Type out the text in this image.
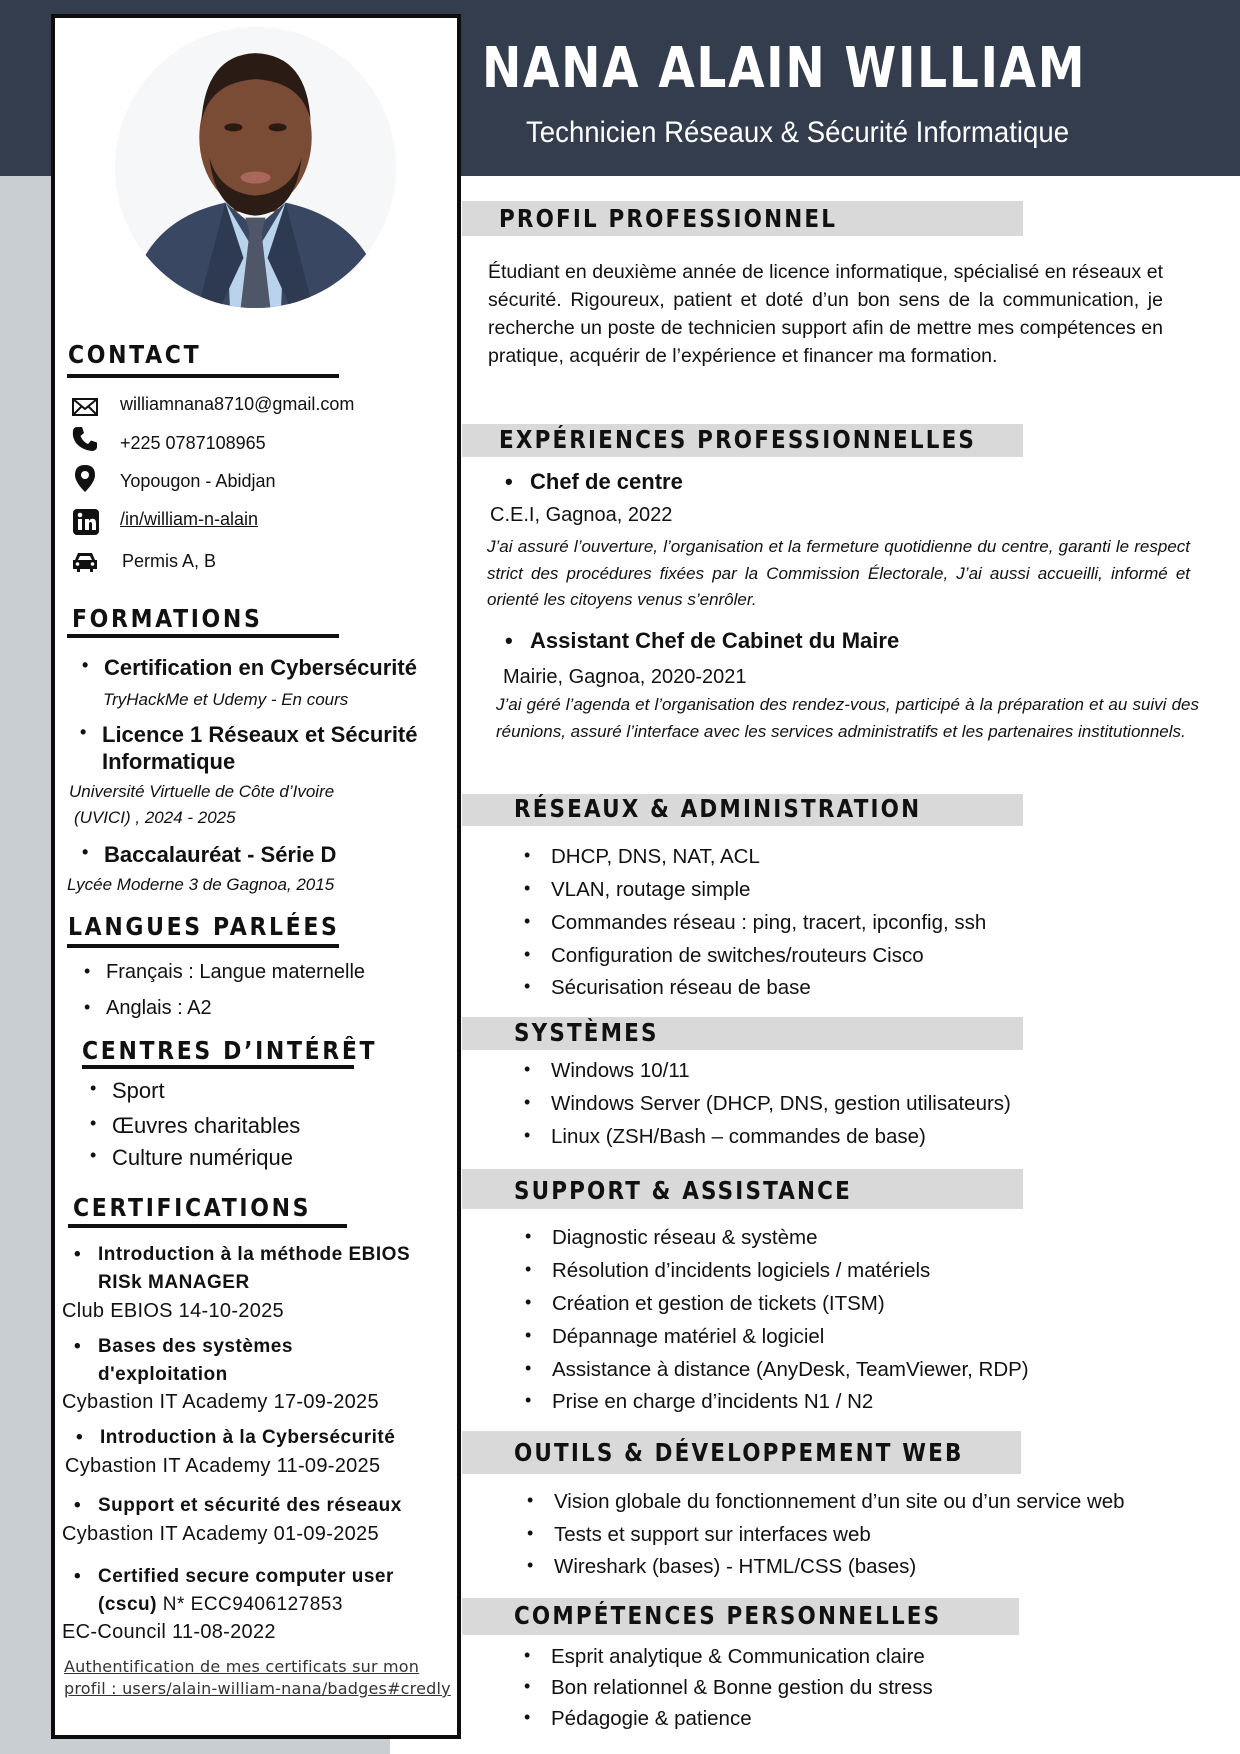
NANA ALAIN WILLIAM
Technicien Réseaux & Sécurité Informatique
CONTACT
williamnana8710@gmail.com
+225 0787108965
Yopougon - Abidjan
/in/william-n-alain
Permis A, B
FORMATIONS
• Certification en Cybersécurité
TryHackMe et Udemy - En cours
• Licence 1 Réseaux et Sécurité
Informatique
Université Virtuelle de Côte d’Ivoire
(UVICI) , 2024 - 2025
• Baccalauréat - Série D
Lycée Moderne 3 de Gagnoa, 2015
LANGUES PARLÉES
• Français : Langue maternelle
• Anglais : A2
CENTRES D’INTÉRÊT
• Sport
• Œuvres charitables
• Culture numérique
CERTIFICATIONS
• Introduction à la méthode EBIOS
RISk MANAGER
Club EBIOS 14-10-2025
• Bases des systèmes
d'exploitation
Cybastion IT Academy 17-09-2025
• Introduction à la Cybersécurité
Cybastion IT Academy 11-09-2025
• Support et sécurité des réseaux
Cybastion IT Academy 01-09-2025
• Certified secure computer user
(cscu) N* ECC9406127853
EC-Council 11-08-2022
Authentification de mes certificats sur mon profil : users/alain-william-nana/badges#credly
PROFIL PROFESSIONNEL
Étudiant en deuxième année de licence informatique, spécialisé en réseaux et sécurité. Rigoureux, patient et doté d’un bon sens de la communication, je recherche un poste de technicien support afin de mettre mes compétences en pratique, acquérir de l’expérience et financer ma formation.
EXPÉRIENCES PROFESSIONNELLES
• Chef de centre
C.E.I, Gagnoa, 2022
J’ai assuré l’ouverture, l’organisation et la fermeture quotidienne du centre, garanti le respect strict des procédures fixées par la Commission Électorale, J’ai aussi accueilli, informé et orienté les citoyens venus s’enrôler.
• Assistant Chef de Cabinet du Maire
Mairie, Gagnoa, 2020-2021
J’ai géré l’agenda et l’organisation des rendez-vous, participé à la préparation et au suivi des réunions, assuré l’interface avec les services administratifs et les partenaires institutionnels.
RÉSEAUX & ADMINISTRATION
• DHCP, DNS, NAT, ACL
• VLAN, routage simple
• Commandes réseau : ping, tracert, ipconfig, ssh
• Configuration de switches/routeurs Cisco
• Sécurisation réseau de base
SYSTÈMES
• Windows 10/11
• Windows Server (DHCP, DNS, gestion utilisateurs)
• Linux (ZSH/Bash – commandes de base)
SUPPORT & ASSISTANCE
• Diagnostic réseau & système
• Résolution d’incidents logiciels / matériels
• Création et gestion de tickets (ITSM)
• Dépannage matériel & logiciel
• Assistance à distance (AnyDesk, TeamViewer, RDP)
• Prise en charge d’incidents N1 / N2
OUTILS & DÉVELOPPEMENT WEB
• Vision globale du fonctionnement d’un site ou d’un service web
• Tests et support sur interfaces web
• Wireshark (bases) - HTML/CSS (bases)
COMPÉTENCES PERSONNELLES
• Esprit analytique & Communication claire
• Bon relationnel & Bonne gestion du stress
• Pédagogie & patience
